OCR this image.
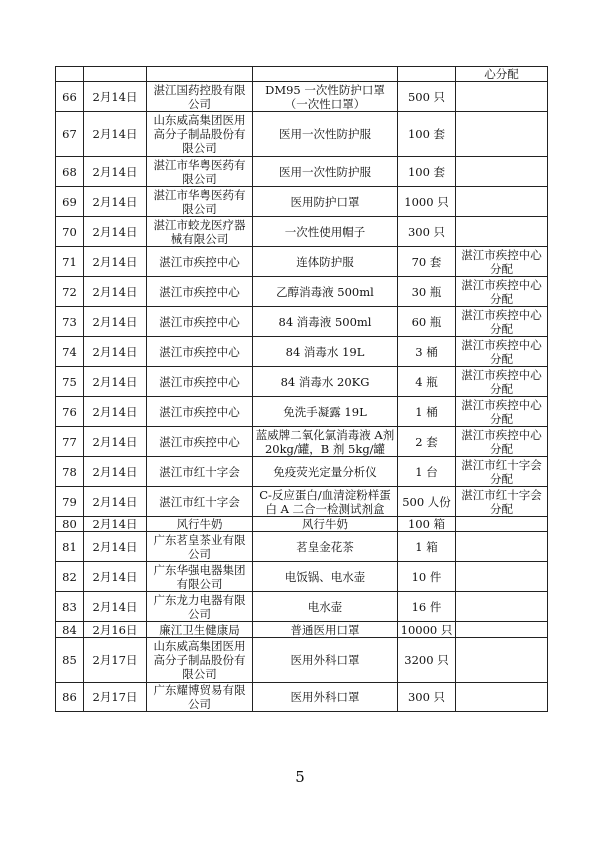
					心分配
66	2月14日	湛江国药控股有限公司	DM95 一次性防护口罩（一次性口罩）	500 只	
67	2月14日	山东威高集团医用高分子制品股份有限公司	医用一次性防护服	100 套	
68	2月14日	湛江市华粤医药有限公司	医用一次性防护服	100 套	
69	2月14日	湛江市华粤医药有限公司	医用防护口罩	1000 只	
70	2月14日	湛江市蛟龙医疗器械有限公司	一次性使用帽子	300 只	
71	2月14日	湛江市疾控中心	连体防护服	70 套	湛江市疾控中心分配
72	2月14日	湛江市疾控中心	乙醇消毒液 500ml	30 瓶	湛江市疾控中心分配
73	2月14日	湛江市疾控中心	84 消毒液 500ml	60 瓶	湛江市疾控中心分配
74	2月14日	湛江市疾控中心	84 消毒水 19L	3 桶	湛江市疾控中心分配
75	2月14日	湛江市疾控中心	84 消毒水 20KG	4 瓶	湛江市疾控中心分配
76	2月14日	湛江市疾控中心	免洗手凝露 19L	1 桶	湛江市疾控中心分配
77	2月14日	湛江市疾控中心	蓝威牌二氧化氯消毒液 A剂 20kg/罐，B 剂 5kg/罐	2 套	湛江市疾控中心分配
78	2月14日	湛江市红十字会	免疫荧光定量分析仪	1 台	湛江市红十字会分配
79	2月14日	湛江市红十字会	C-反应蛋白/血清淀粉样蛋白 A 二合一检测试剂盒	500 人份	湛江市红十字会分配
80	2月14日	风行牛奶	风行牛奶	100 箱	
81	2月14日	广东茗皇茶业有限公司	茗皇金花茶	1 箱	
82	2月14日	广东华强电器集团有限公司	电饭锅、电水壶	10 件	
83	2月14日	广东龙力电器有限公司	电水壶	16 件	
84	2月16日	廉江卫生健康局	普通医用口罩	10000 只	
85	2月17日	山东威高集团医用高分子制品股份有限公司	医用外科口罩	3200 只	
86	2月17日	广东耀博贸易有限公司	医用外科口罩	300 只	
5
